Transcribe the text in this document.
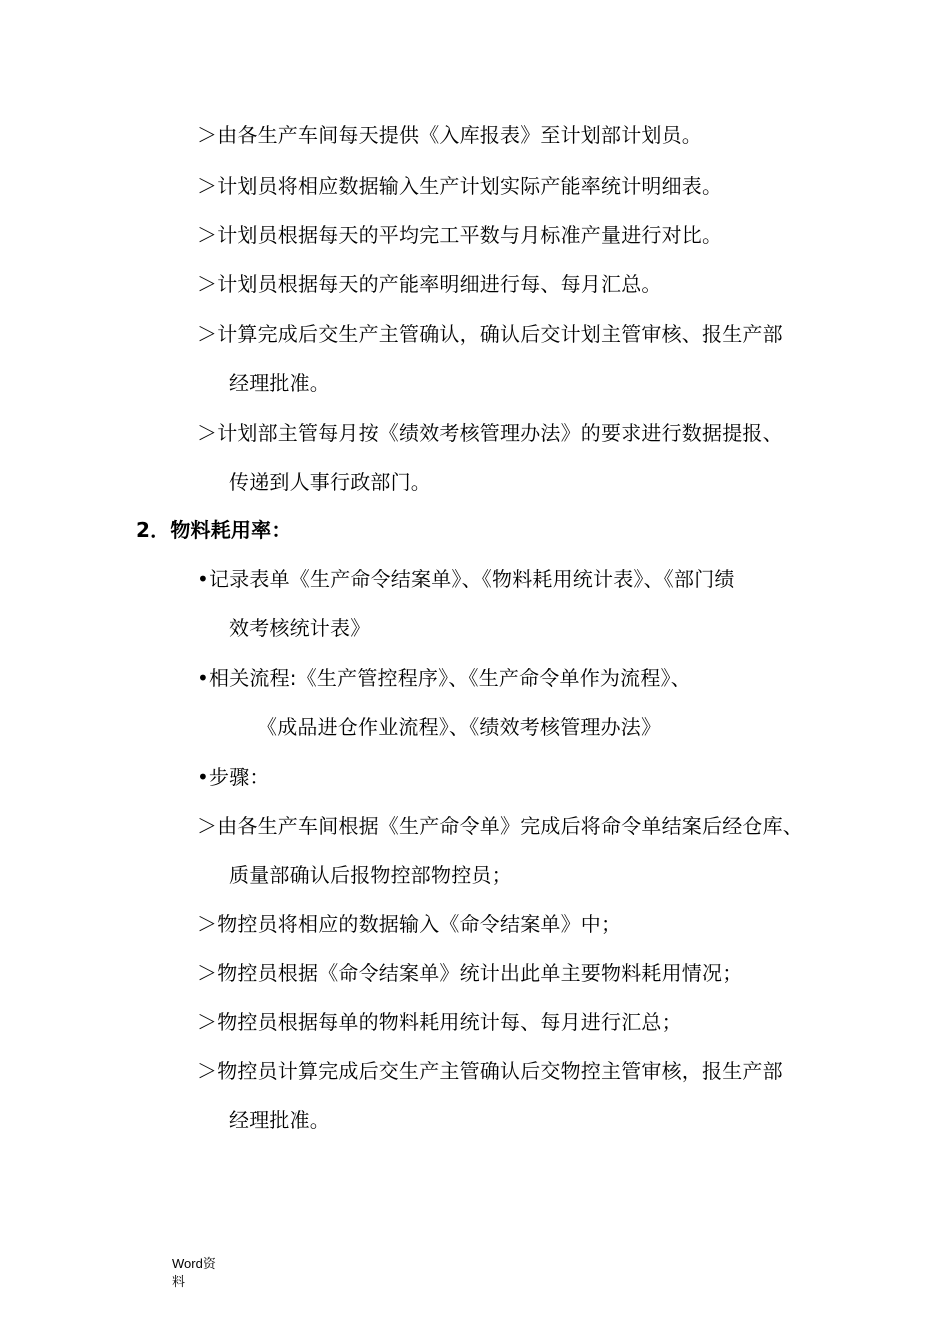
＞由各生产车间每天提供《入库报表》至计划部计划员。
＞计划员将相应数据输入生产计划实际产能率统计明细表。
＞计划员根据每天的平均完工平数与月标准产量进行对比。
＞计划员根据每天的产能率明细进行每、每月汇总。
＞计算完成后交生产主管确认，确认后交计划主管审核、报生产部
经理批准。
＞计划部主管每月按《绩效考核管理办法》的要求进行数据提报、
传递到人事行政部门。
2．物料耗用率：
•记录表单《生产命令结案单》、《物料耗用统计表》、《部门绩
效考核统计表》
•相关流程:《生产管控程序》、《生产命令单作为流程》、
《成品进仓作业流程》、《绩效考核管理办法》
•步骤：
＞由各生产车间根据《生产命令单》完成后将命令单结案后经仓库、
质量部确认后报物控部物控员；
＞物控员将相应的数据输入《命令结案单》中；
＞物控员根据《命令结案单》统计出此单主要物料耗用情况；
＞物控员根据每单的物料耗用统计每、每月进行汇总；
＞物控员计算完成后交生产主管确认后交物控主管审核，报生产部
经理批准。
Word资
料
